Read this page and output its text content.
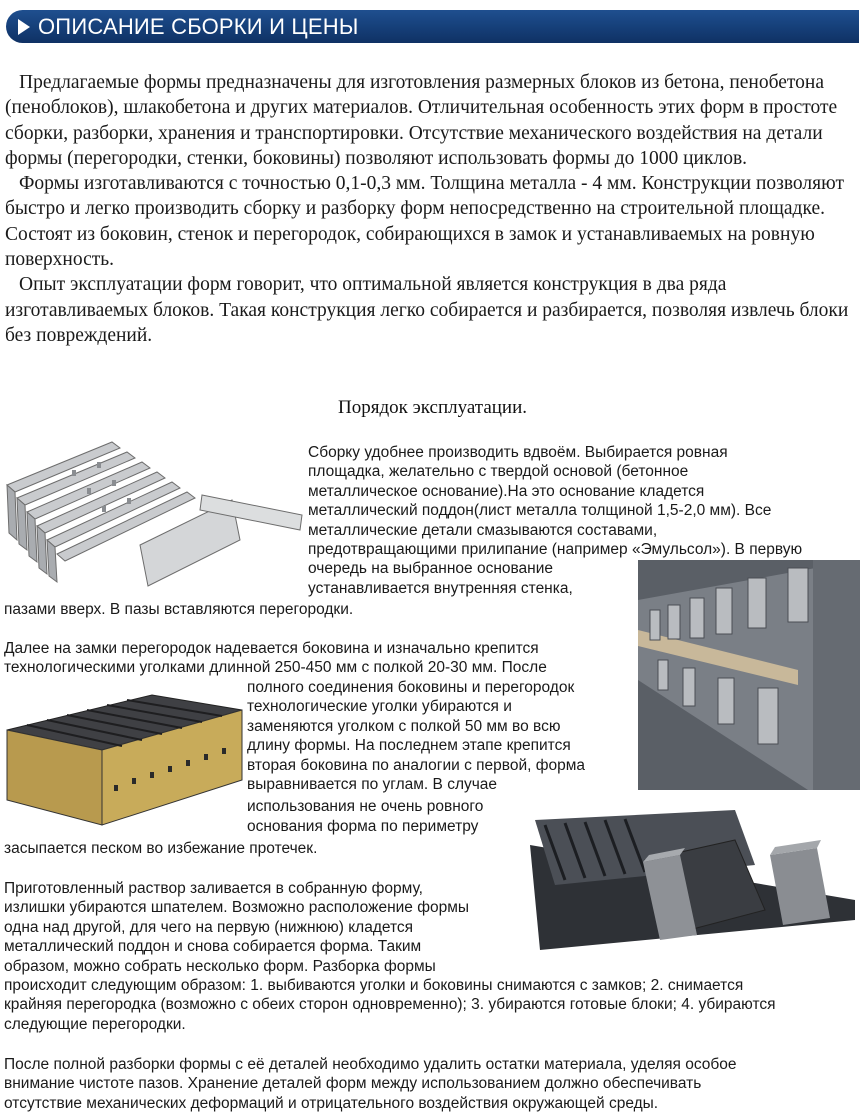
ОПИСАНИЕ СБОРКИ И ЦЕНЫ

Предлагаемые формы предназначены для изготовления размерных блоков из бетона, пенобетона (пеноблоков), шлакобетона и других материалов. Отличительная особенность этих форм в простоте сборки, разборки, хранения и транспортировки. Отсутствие механического воздействия на детали формы (перегородки, стенки, боковины) позволяют использовать формы до 1000 циклов.

Формы изготавливаются с точностью 0,1-0,3 мм. Толщина металла - 4 мм. Конструкции позволяют быстро и легко производить сборку и разборку форм непосредственно на строительной площадке. Состоят из боковин, стенок и перегородок, собирающихся в замок и устанавливаемых на ровную поверхность.

Опыт эксплуатации форм говорит, что оптимальной является конструкция в два ряда изготавливаемых блоков. Такая конструкция легко собирается и разбирается, позволяя извлечь блоки без повреждений.

Порядок эксплуатации.
Сборку удобнее производить вдвоём. Выбирается ровная
площадка, желательно с твердой основой (бетонное
металлическое основание).На это основание кладется
металлический поддон(лист металла толщиной 1,5-2,0 мм). Все
металлические детали смазываются составами,
предотвращающими прилипание (например «Эмульсол»). В первую
очередь на выбранное основание
устанавливается внутренняя стенка,
пазами вверх. В пазы вставляются перегородки.
Далее на замки перегородок надевается боковина и изначально крепится
технологическими уголками длинной 250-450 мм с полкой 20-30 мм. После
полного соединения боковины и перегородок
технологические уголки убираются и
заменяются уголком с полкой 50 мм во всю
длину формы. На последнем этапе крепится
вторая боковина по аналогии с первой, форма
выравнивается по углам. В случае
использования не очень ровного
основания форма по периметру
засыпается песком во избежание протечек.
Приготовленный раствор заливается в собранную форму,
излишки убираются шпателем. Возможно расположение формы
одна над другой, для чего на первую (нижнюю) кладется
металлический поддон и снова собирается форма. Таким
образом, можно собрать несколько форм. Разборка формы
происходит следующим образом: 1. выбиваются уголки и боковины снимаются с замков; 2. снимается
крайняя перегородка (возможно с обеих сторон одновременно); 3. убираются готовые блоки; 4. убираются
следующие перегородки.
После полной разборки формы с её деталей необходимо удалить остатки материала, уделяя особое
внимание чистоте пазов. Хранение деталей форм между использованием должно обеспечивать
отсутствие механических деформаций и отрицательного воздействия окружающей среды.
